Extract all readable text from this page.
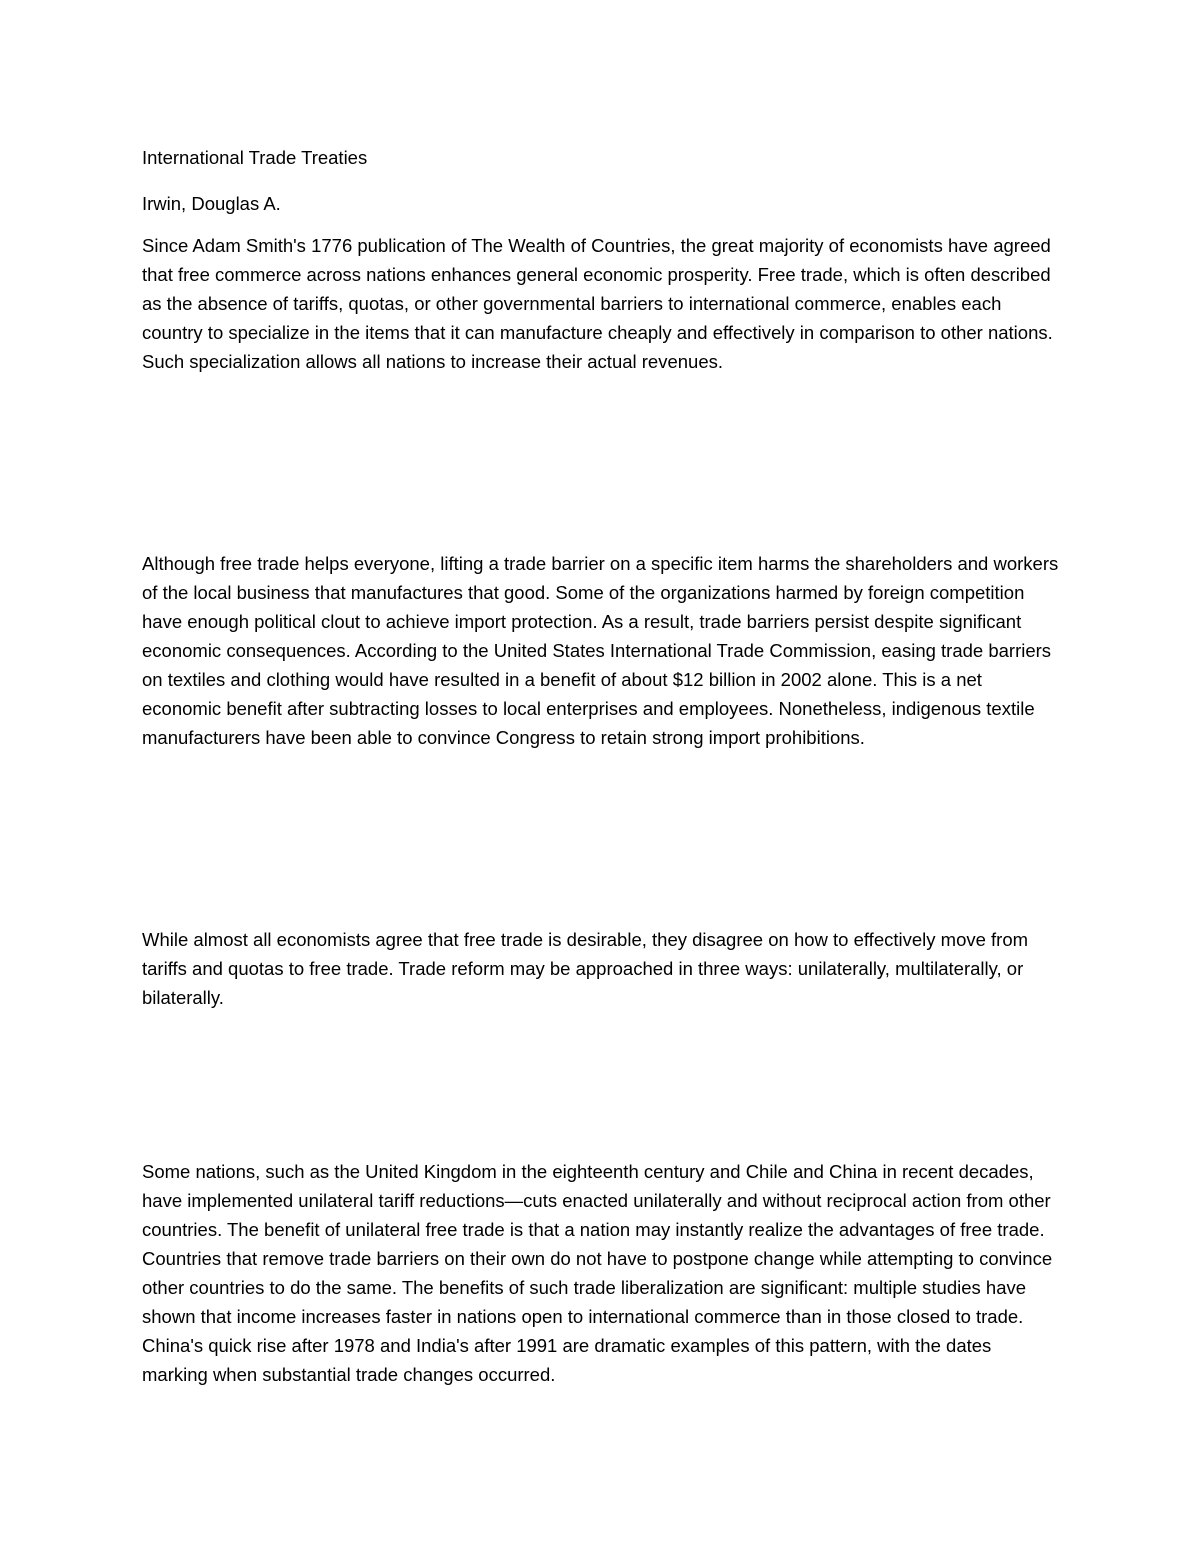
International Trade Treaties

Irwin, Douglas A.

Since Adam Smith's 1776 publication of The Wealth of Countries, the great majority of economists have agreed that free commerce across nations enhances general economic prosperity. Free trade, which is often described as the absence of tariffs, quotas, or other governmental barriers to international commerce, enables each country to specialize in the items that it can manufacture cheaply and effectively in comparison to other nations. Such specialization allows all nations to increase their actual revenues.

Although free trade helps everyone, lifting a trade barrier on a specific item harms the shareholders and workers of the local business that manufactures that good. Some of the organizations harmed by foreign competition have enough political clout to achieve import protection. As a result, trade barriers persist despite significant economic consequences. According to the United States International Trade Commission, easing trade barriers on textiles and clothing would have resulted in a benefit of about $12 billion in 2002 alone. This is a net economic benefit after subtracting losses to local enterprises and employees. Nonetheless, indigenous textile manufacturers have been able to convince Congress to retain strong import prohibitions.

While almost all economists agree that free trade is desirable, they disagree on how to effectively move from tariffs and quotas to free trade. Trade reform may be approached in three ways: unilaterally, multilaterally, or bilaterally.

Some nations, such as the United Kingdom in the eighteenth century and Chile and China in recent decades, have implemented unilateral tariff reductions—cuts enacted unilaterally and without reciprocal action from other countries. The benefit of unilateral free trade is that a nation may instantly realize the advantages of free trade. Countries that remove trade barriers on their own do not have to postpone change while attempting to convince other countries to do the same. The benefits of such trade liberalization are significant: multiple studies have shown that income increases faster in nations open to international commerce than in those closed to trade. China's quick rise after 1978 and India's after 1991 are dramatic examples of this pattern, with the dates marking when substantial trade changes occurred.
